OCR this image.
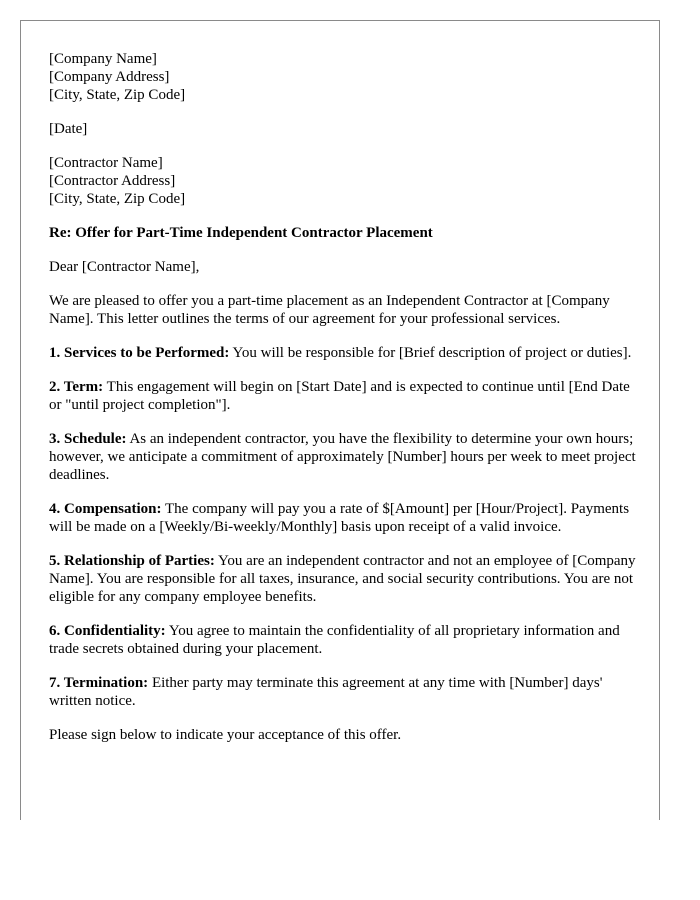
[Company Name]
[Company Address]
[City, State, Zip Code]
[Date]
[Contractor Name]
[Contractor Address]
[City, State, Zip Code]

Re: Offer for Part-Time Independent Contractor Placement

Dear [Contractor Name],

We are pleased to offer you a part-time placement as an Independent Contractor at [Company Name]. This letter outlines the terms of our agreement for your professional services.

1. Services to be Performed: You will be responsible for [Brief description of project or duties].

2. Term: This engagement will begin on [Start Date] and is expected to continue until [End Date or "until project completion"].

3. Schedule: As an independent contractor, you have the flexibility to determine your own hours; however, we anticipate a commitment of approximately [Number] hours per week to meet project deadlines.

4. Compensation: The company will pay you a rate of $[Amount] per [Hour/Project]. Payments will be made on a [Weekly/Bi-weekly/Monthly] basis upon receipt of a valid invoice.

5. Relationship of Parties: You are an independent contractor and not an employee of [Company Name]. You are responsible for all taxes, insurance, and social security contributions. You are not eligible for any company employee benefits.

6. Confidentiality: You agree to maintain the confidentiality of all proprietary information and trade secrets obtained during your placement.

7. Termination: Either party may terminate this agreement at any time with [Number] days' written notice.

Please sign below to indicate your acceptance of this offer.
